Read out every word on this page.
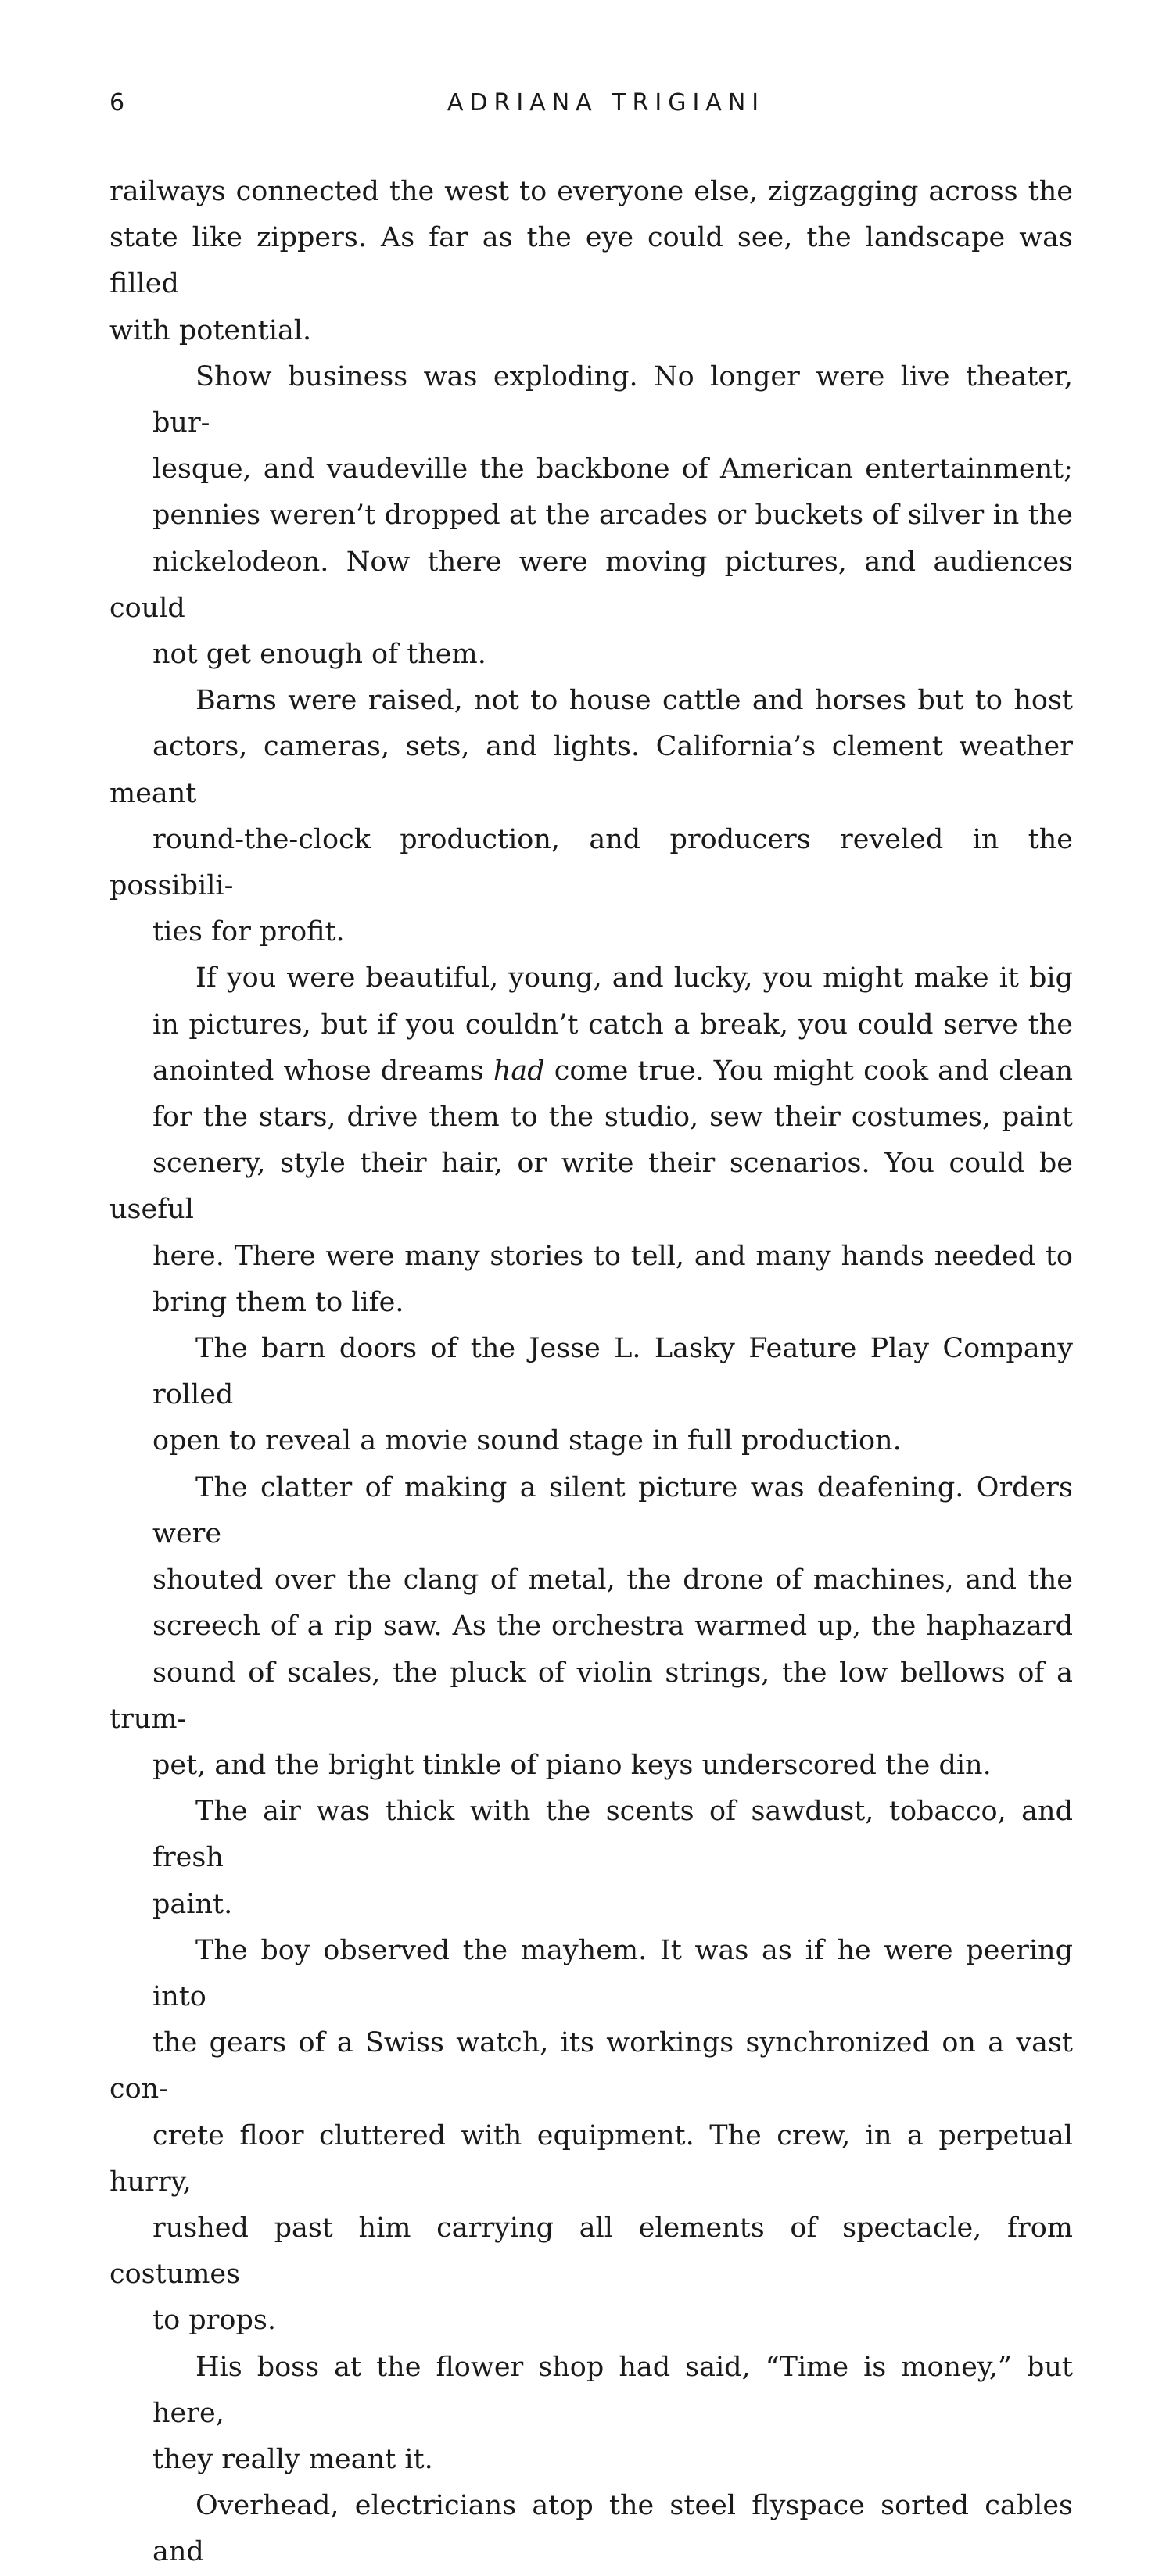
6	ADRIANA TRIGIANI

railways connected the west to everyone else, zigzagging across the
state like zippers. As far as the eye could see, the landscape was filled
with potential.

Show business was exploding. No longer were live theater, bur-
lesque, and vaudeville the backbone of American entertainment;
pennies weren’t dropped at the arcades or buckets of silver in the
nickelodeon. Now there were moving pictures, and audiences could
not get enough of them.

Barns were raised, not to house cattle and horses but to host
actors, cameras, sets, and lights. California’s clement weather meant
round-the-clock production, and producers reveled in the possibili-
ties for profit.

If you were beautiful, young, and lucky, you might make it big
in pictures, but if you couldn’t catch a break, you could serve the
anointed whose dreams had come true. You might cook and clean
for the stars, drive them to the studio, sew their costumes, paint
scenery, style their hair, or write their scenarios. You could be useful
here. There were many stories to tell, and many hands needed to
bring them to life.

The barn doors of the Jesse L. Lasky Feature Play Company rolled
open to reveal a movie sound stage in full production.

The clatter of making a silent picture was deafening. Orders were
shouted over the clang of metal, the drone of machines, and the
screech of a rip saw. As the orchestra warmed up, the haphazard
sound of scales, the pluck of violin strings, the low bellows of a trum-
pet, and the bright tinkle of piano keys underscored the din.

The air was thick with the scents of sawdust, tobacco, and fresh
paint.

The boy observed the mayhem. It was as if he were peering into
the gears of a Swiss watch, its workings synchronized on a vast con-
crete floor cluttered with equipment. The crew, in a perpetual hurry,
rushed past him carrying all elements of spectacle, from costumes
to props.

His boss at the flower shop had said, “Time is money,” but here,
they really meant it.

Overhead, electricians atop the steel flyspace sorted cables and
